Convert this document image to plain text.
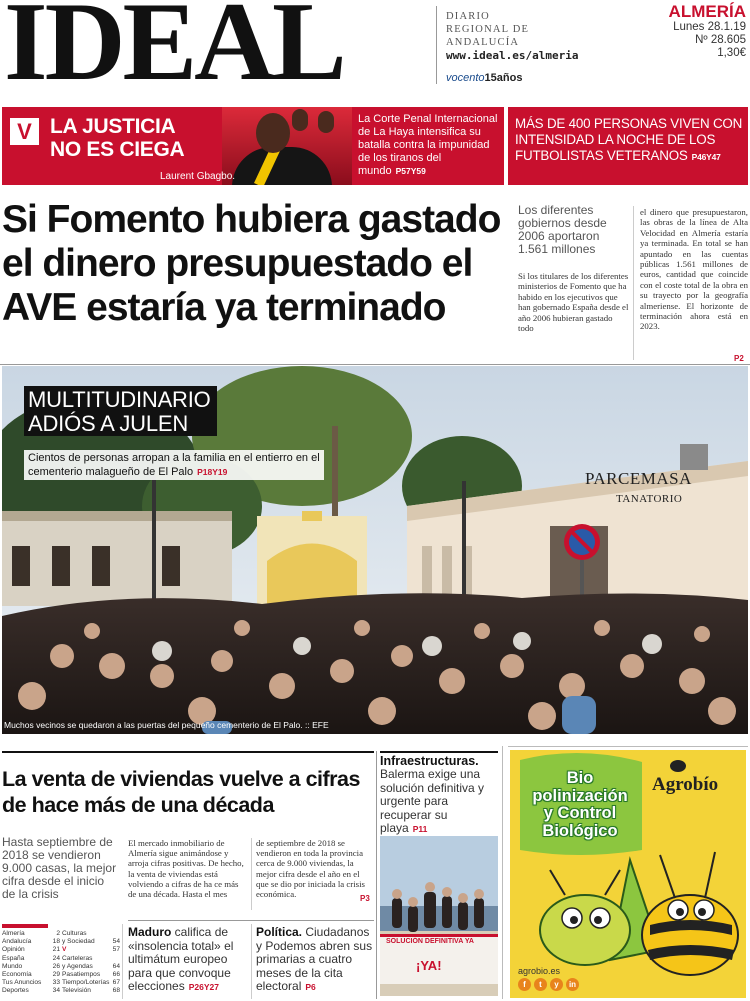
IDEAL	DIARIO
REGIONAL DE
ANDALUCÍA
www.ideal.es/almeria
vocento15años
ALMERÍA
Lunes 28.1.19
Nº 28.605
1,30€
V LA JUSTICIA NO ES CIEGA
Laurent Gbagbo.
La Corte Penal Internacional de La Haya intensifica su batalla contra la impunidad de los tiranos del mundo P57Y59
MÁS DE 400 PERSONAS VIVEN CON INTENSIDAD LA NOCHE DE LOS FUTBOLISTAS VETERANOS P46Y47
Si Fomento hubiera gastado el dinero presupuestado el AVE estaría ya terminado
Los diferentes gobiernos desde 2006 aportaron 1.561 millones
Si los titulares de los diferentes ministerios de Fomento que ha habido en los ejecutivos que han gobernado España desde el año 2006 hubieran gastado todo
el dinero que presupuestaron, las obras de la línea de Alta Velocidad en Almería estaría ya terminada. En total se han apuntado en las cuentas públicas 1.561 millones de euros, cantidad que coincide con el coste total de la obra en su trayecto por la geografía almeriense. El horizonte de terminación ahora está en 2023.
P2
PARCEMASA
TANATORIO
MULTITUDINARIO
ADIÓS A JULEN
Cientos de personas arropan a la familia en el entierro en el cementerio malagueño de El Palo P18Y19
Muchos vecinos se quedaron a las puertas del pequeño cementerio de El Palo. :: EFE
La venta de viviendas vuelve a cifras de hace más de una década
Hasta septiembre de 2018 se vendieron 9.000 casas, la mejor cifra desde el inicio de la crisis
El mercado inmobiliario de Almería sigue animándose y arroja cifras positivas. De hecho, la venta de viviendas está volviendo a cifras de ha ce más de una década. Hasta el mes
de septiembre de 2018 se vendieron en toda la provincia cerca de 9.000 viviendas, la mejor cifra desde el año en el que se dio por iniciada la crisis económica.	P3
Almería	2
Andalucía	18
Opinión	21
España	24
Mundo	26
Economía	29
Tus Anuncios 33
Deportes	34
Culturas
y Sociedad	54
V	57
Carteleras
y Agendas	64
Pasatiempos 66
Tiempo/Loterías 67
Televisión	68
Maduro califica de «insolencia total» el ultimátum europeo para que convoque elecciones P26Y27
Política. Ciudadanos y Podemos abren sus primarias a cuatro meses de la cita electoral P6
Infraestructuras.
Balerma exige una solución definitiva y urgente para recuperar su playa P11
SOLUCIÓN DEFINITIVA YA
¡YA!
Bio
polinización
y Control
Biológico
Agrobío
agrobio.es
f	t	y	in
